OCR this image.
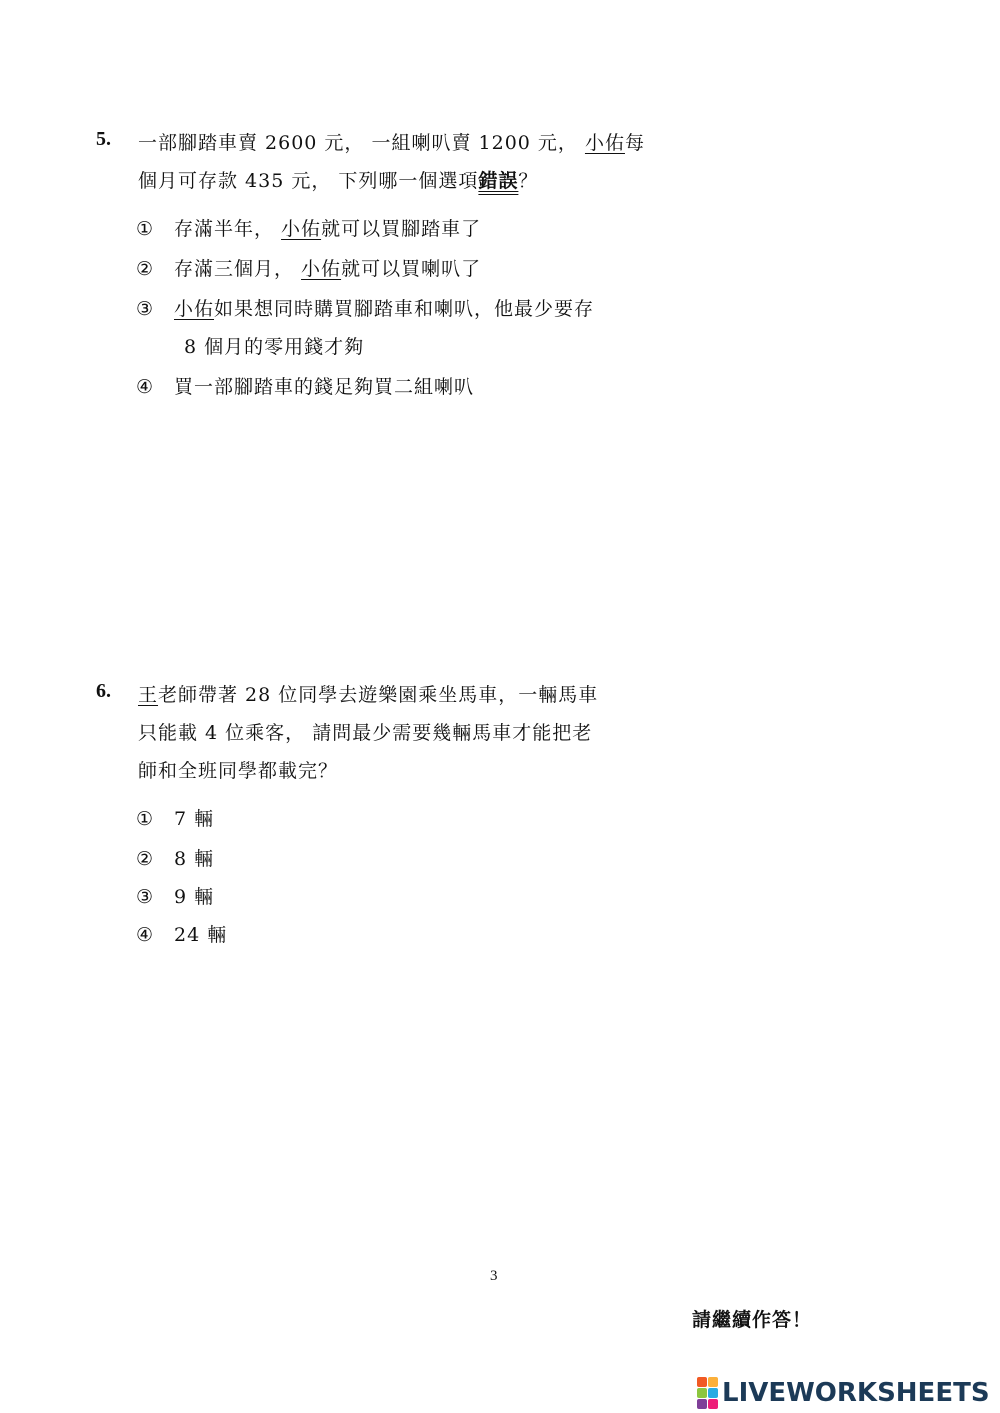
5. 一部腳踏車賣 2600 元， 一組喇叭賣 1200 元， 小佑每
個月可存款 435 元， 下列哪一個選項錯誤？
① 存滿半年， 小佑就可以買腳踏車了
② 存滿三個月， 小佑就可以買喇叭了
③ 小佑如果想同時購買腳踏車和喇叭，他最少要存
8 個月的零用錢才夠
④ 買一部腳踏車的錢足夠買二組喇叭
6. 王老師帶著 28 位同學去遊樂園乘坐馬車，一輛馬車
只能載 4 位乘客， 請問最少需要幾輛馬車才能把老
師和全班同學都載完？
① 7 輛
② 8 輛
③ 9 輛
④ 24 輛
3
請繼續作答！
LIVEWORKSHEETS
